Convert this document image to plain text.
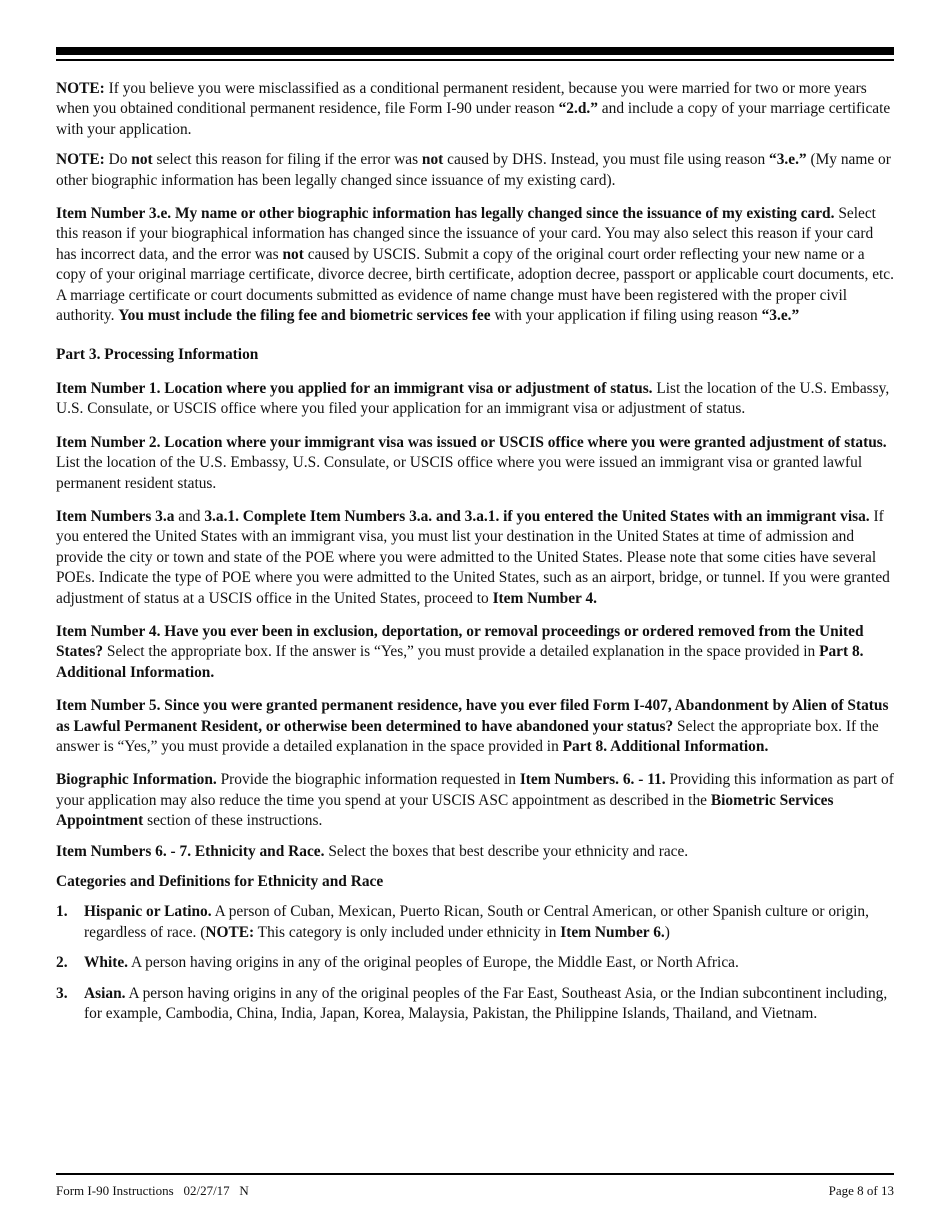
NOTE: If you believe you were misclassified as a conditional permanent resident, because you were married for two or more years when you obtained conditional permanent residence, file Form I-90 under reason “2.d.” and include a copy of your marriage certificate with your application.

NOTE: Do not select this reason for filing if the error was not caused by DHS. Instead, you must file using reason “3.e.” (My name or other biographic information has been legally changed since issuance of my existing card).

Item Number 3.e. My name or other biographic information has legally changed since the issuance of my existing card. Select this reason if your biographical information has changed since the issuance of your card. You may also select this reason if your card has incorrect data, and the error was not caused by USCIS. Submit a copy of the original court order reflecting your new name or a copy of your original marriage certificate, divorce decree, birth certificate, adoption decree, passport or applicable court documents, etc. A marriage certificate or court documents submitted as evidence of name change must have been registered with the proper civil authority. You must include the filing fee and biometric services fee with your application if filing using reason “3.e.”

Part 3. Processing Information

Item Number 1. Location where you applied for an immigrant visa or adjustment of status. List the location of the U.S. Embassy, U.S. Consulate, or USCIS office where you filed your application for an immigrant visa or adjustment of status.

Item Number 2. Location where your immigrant visa was issued or USCIS office where you were granted adjustment of status. List the location of the U.S. Embassy, U.S. Consulate, or USCIS office where you were issued an immigrant visa or granted lawful permanent resident status.

Item Numbers 3.a and 3.a.1. Complete Item Numbers 3.a. and 3.a.1. if you entered the United States with an immigrant visa. If you entered the United States with an immigrant visa, you must list your destination in the United States at time of admission and provide the city or town and state of the POE where you were admitted to the United States. Please note that some cities have several POEs. Indicate the type of POE where you were admitted to the United States, such as an airport, bridge, or tunnel. If you were granted adjustment of status at a USCIS office in the United States, proceed to Item Number 4.

Item Number 4. Have you ever been in exclusion, deportation, or removal proceedings or ordered removed from the United States? Select the appropriate box. If the answer is “Yes,” you must provide a detailed explanation in the space provided in Part 8. Additional Information.

Item Number 5. Since you were granted permanent residence, have you ever filed Form I-407, Abandonment by Alien of Status as Lawful Permanent Resident, or otherwise been determined to have abandoned your status? Select the appropriate box. If the answer is “Yes,” you must provide a detailed explanation in the space provided in Part 8. Additional Information.

Biographic Information. Provide the biographic information requested in Item Numbers. 6. - 11. Providing this information as part of your application may also reduce the time you spend at your USCIS ASC appointment as described in the Biometric Services Appointment section of these instructions.

Item Numbers 6. - 7. Ethnicity and Race. Select the boxes that best describe your ethnicity and race.

Categories and Definitions for Ethnicity and Race

1. Hispanic or Latino. A person of Cuban, Mexican, Puerto Rican, South or Central American, or other Spanish culture or origin, regardless of race. (NOTE: This category is only included under ethnicity in Item Number 6.)
2. White. A person having origins in any of the original peoples of Europe, the Middle East, or North Africa.
3. Asian. A person having origins in any of the original peoples of the Far East, Southeast Asia, or the Indian subcontinent including, for example, Cambodia, China, India, Japan, Korea, Malaysia, Pakistan, the Philippine Islands, Thailand, and Vietnam.
Form I-90 Instructions   02/27/17   N	Page 8 of 13
